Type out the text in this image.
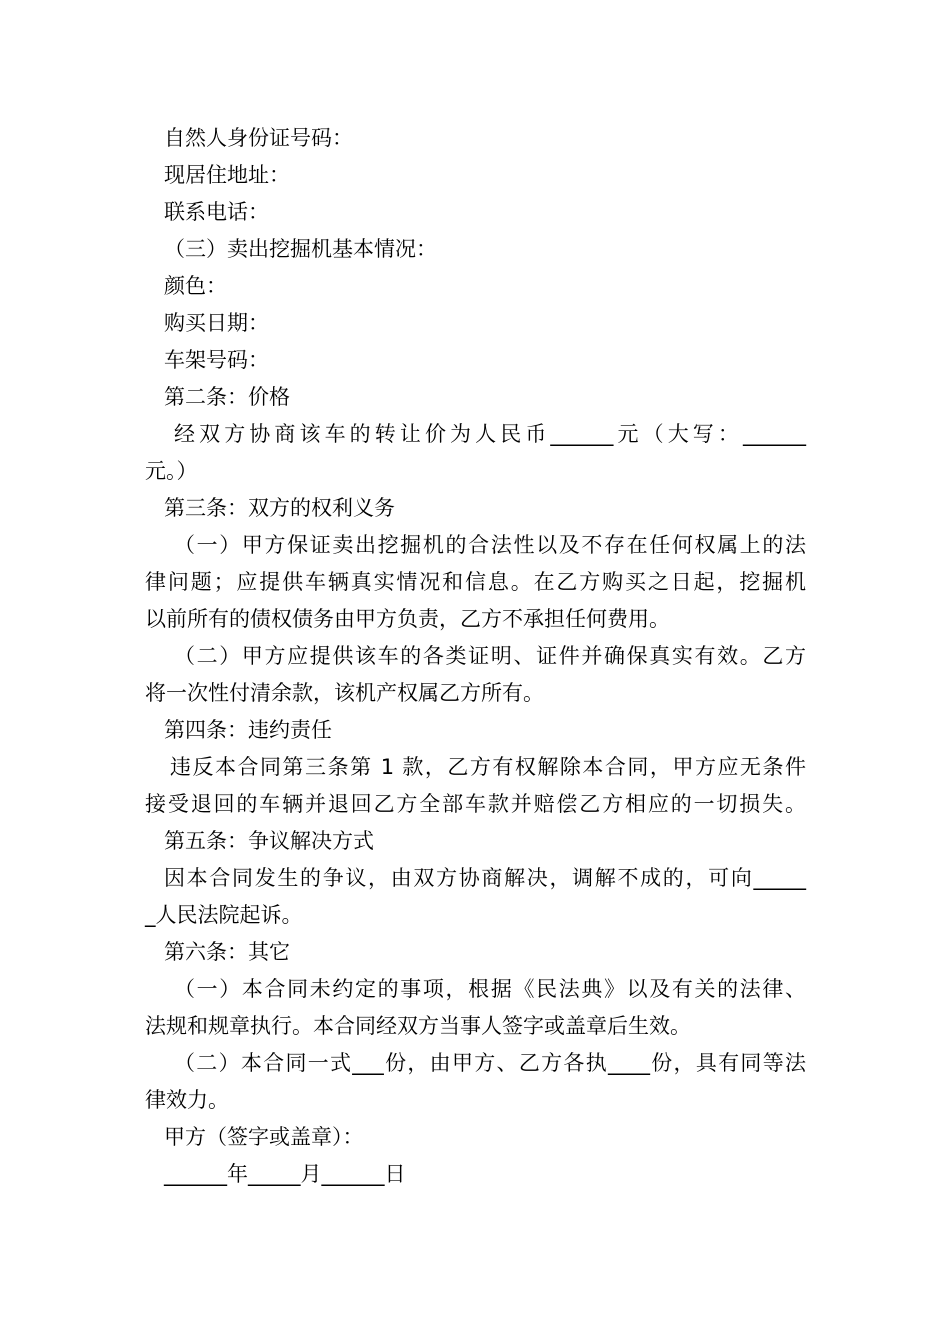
自然人身份证号码：
现居住地址：
联系电话：
（三）卖出挖掘机基本情况：
颜色：
购买日期：
车架号码：
第二条：价格
经双方协商该车的转让价为人民币______元（大写：______
元。）
第三条：双方的权利义务
（一）甲方保证卖出挖掘机的合法性以及不存在任何权属上的法
律问题；应提供车辆真实情况和信息。在乙方购买之日起，挖掘机
以前所有的债权债务由甲方负责，乙方不承担任何费用。
（二）甲方应提供该车的各类证明、证件并确保真实有效。乙方
将一次性付清余款，该机产权属乙方所有。
第四条：违约责任
违反本合同第三条第 1 款，乙方有权解除本合同，甲方应无条件
接受退回的车辆并退回乙方全部车款并赔偿乙方相应的一切损失。
第五条：争议解决方式
因本合同发生的争议，由双方协商解决，调解不成的，可向_____
_人民法院起诉。
第六条：其它
（一）本合同未约定的事项，根据《民法典》以及有关的法律、
法规和规章执行。本合同经双方当事人签字或盖章后生效。
（二）本合同一式___份，由甲方、乙方各执____份，具有同等法
律效力。
甲方（签字或盖章）：
______年_____月______日
